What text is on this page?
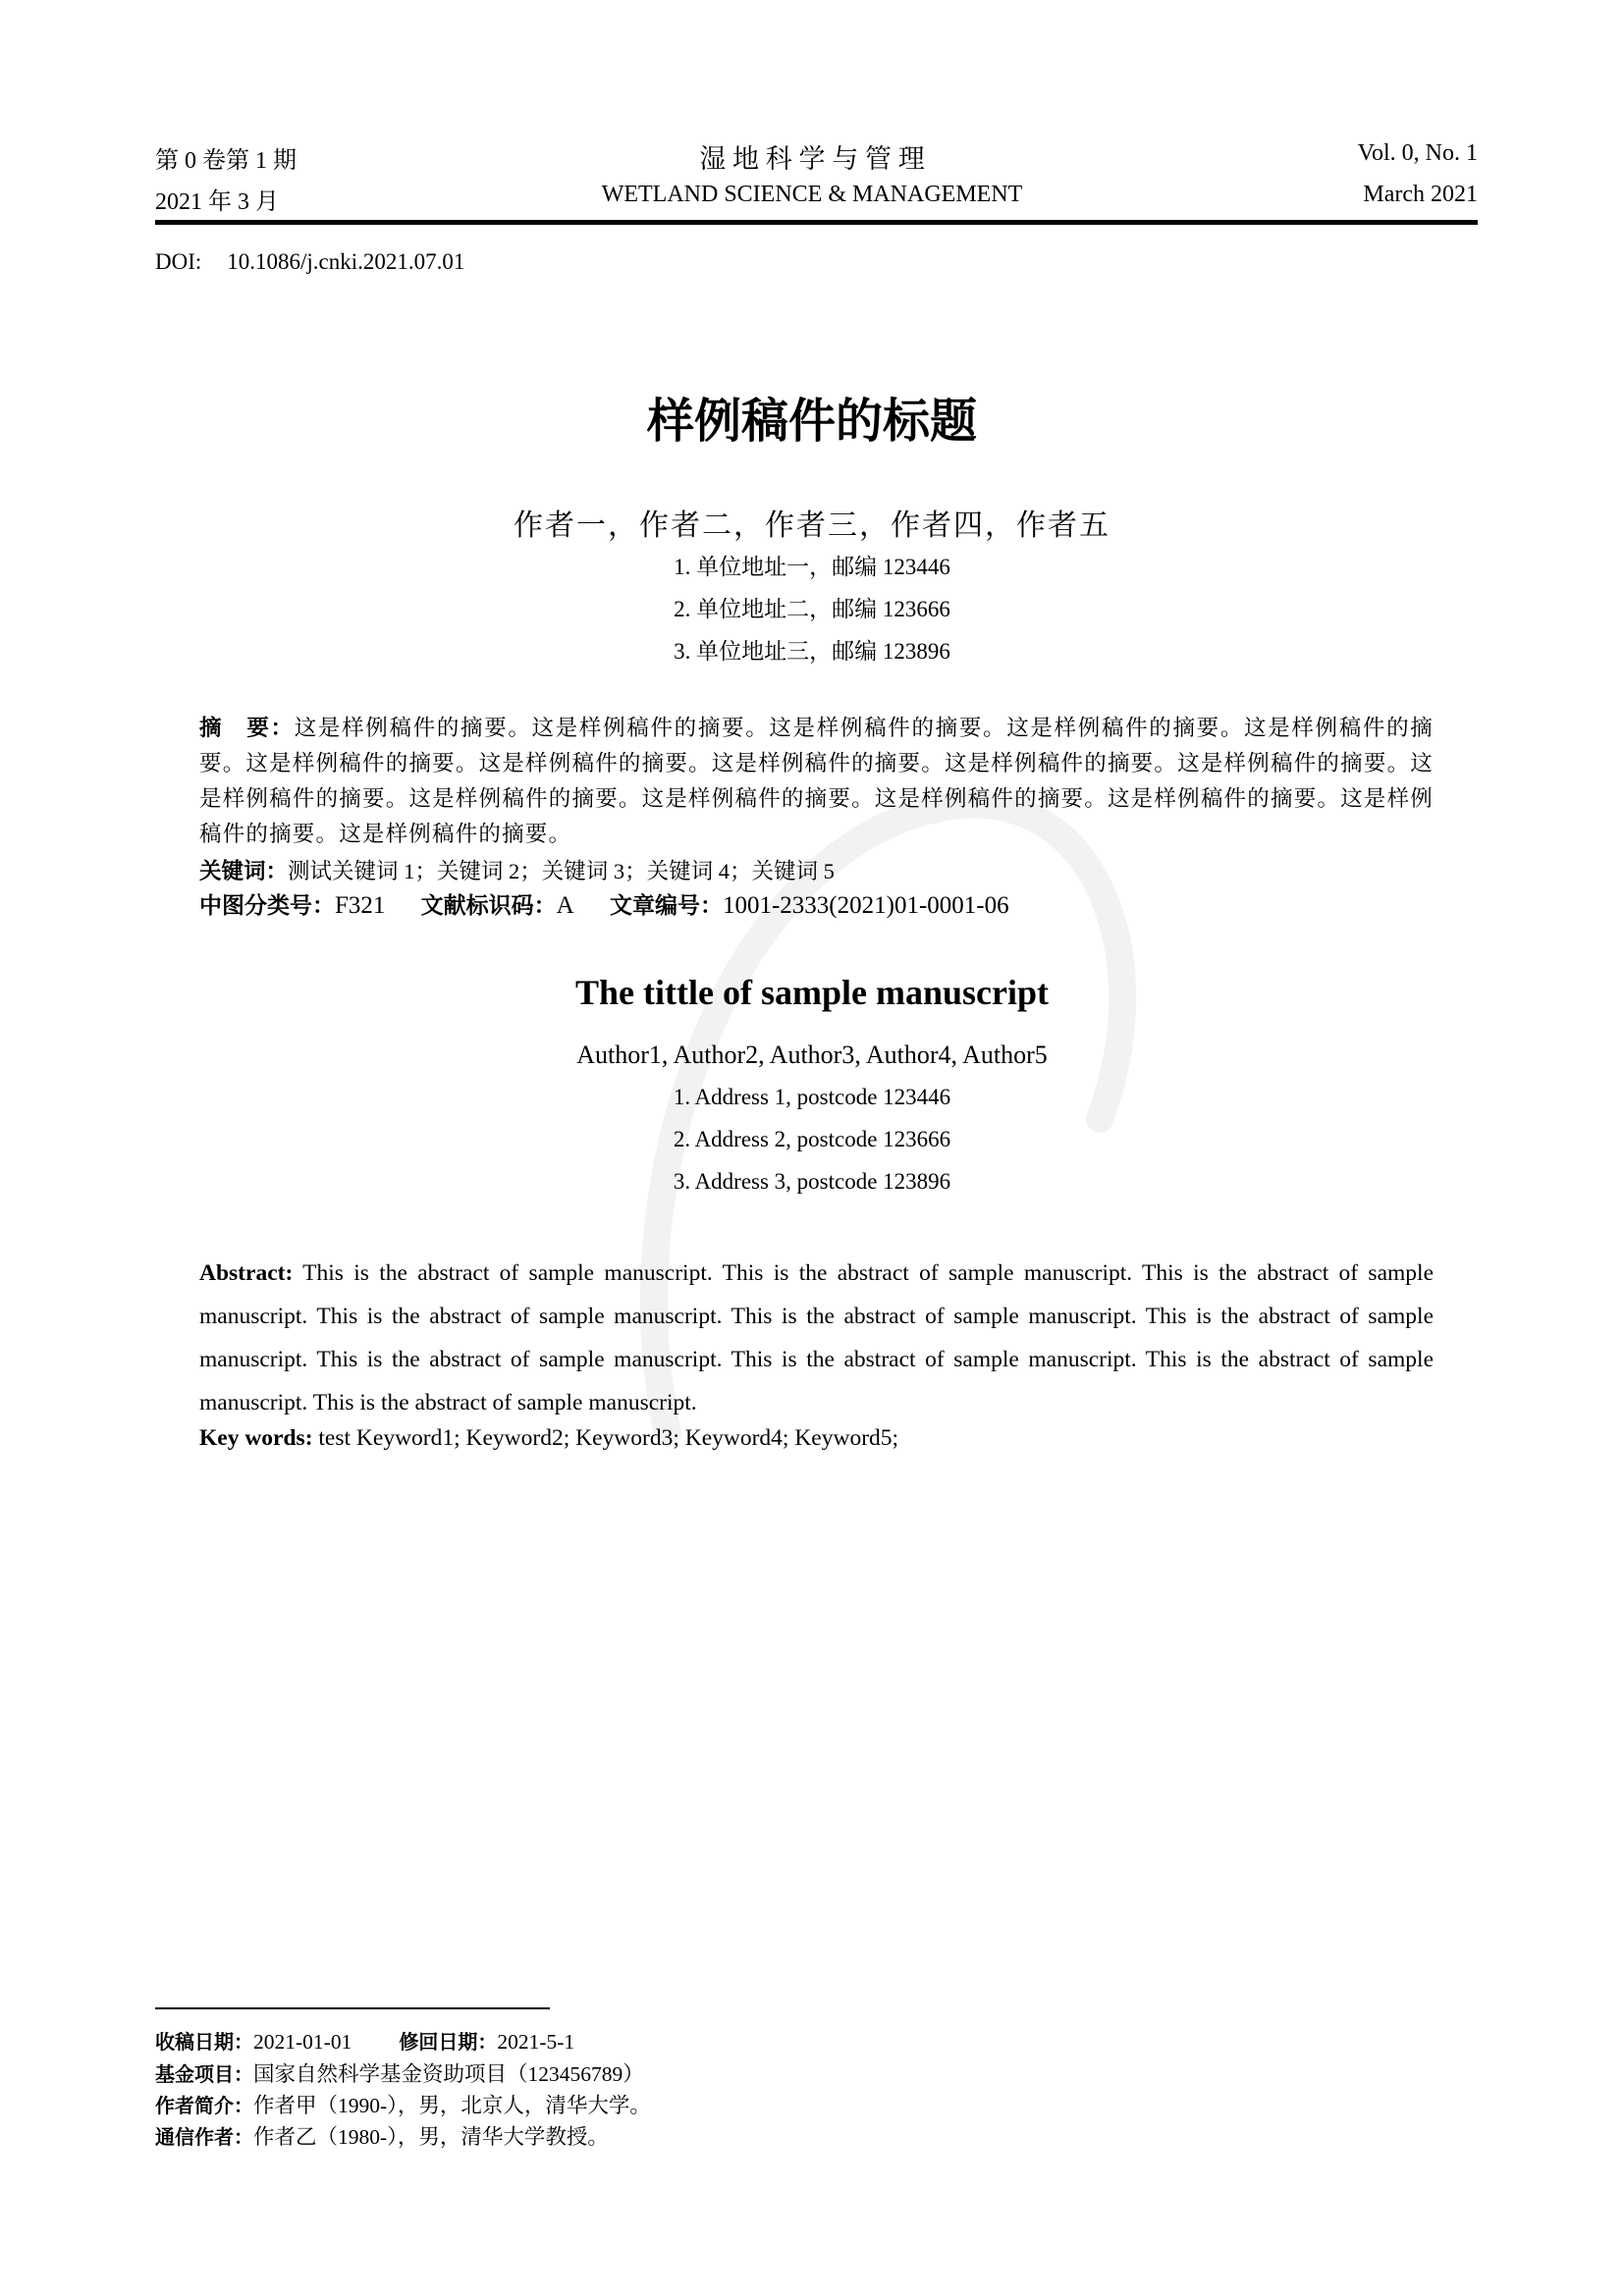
第 0 卷第 1 期
2021 年 3 月
湿 地 科 学 与 管 理
WETLAND SCIENCE & MANAGEMENT
Vol. 0, No. 1
March 2021
DOI: 10.1086/j.cnki.2021.07.01
样例稿件的标题
作者一，作者二，作者三，作者四，作者五
1. 单位地址一，邮编 123446
2. 单位地址二，邮编 123666
3. 单位地址三，邮编 123896
摘　要：这是样例稿件的摘要。这是样例稿件的摘要。这是样例稿件的摘要。这是样例稿件的摘要。这是样例稿件的摘要。这是样例稿件的摘要。这是样例稿件的摘要。这是样例稿件的摘要。这是样例稿件的摘要。这是样例稿件的摘要。这是样例稿件的摘要。这是样例稿件的摘要。这是样例稿件的摘要。这是样例稿件的摘要。这是样例稿件的摘要。这是样例稿件的摘要。这是样例稿件的摘要。
关键词：测试关键词 1；关键词 2；关键词 3；关键词 4；关键词 5
中图分类号：F321 文献标识码：A 文章编号：1001-2333(2021)01-0001-06
The tittle of sample manuscript
Author1, Author2, Author3, Author4, Author5
1. Address 1, postcode 123446
2. Address 2, postcode 123666
3. Address 3, postcode 123896
Abstract: This is the abstract of sample manuscript. This is the abstract of sample manuscript. This is the abstract of sample manuscript. This is the abstract of sample manuscript. This is the abstract of sample manuscript. This is the abstract of sample manuscript. This is the abstract of sample manuscript. This is the abstract of sample manuscript. This is the abstract of sample manuscript. This is the abstract of sample manuscript.
Key words: test Keyword1; Keyword2; Keyword3; Keyword4; Keyword5;
收稿日期：2021-01-01 修回日期：2021-5-1
基金项目：国家自然科学基金资助项目（123456789）
作者简介：作者甲（1990-），男，北京人，清华大学。
通信作者：作者乙（1980-），男，清华大学教授。
